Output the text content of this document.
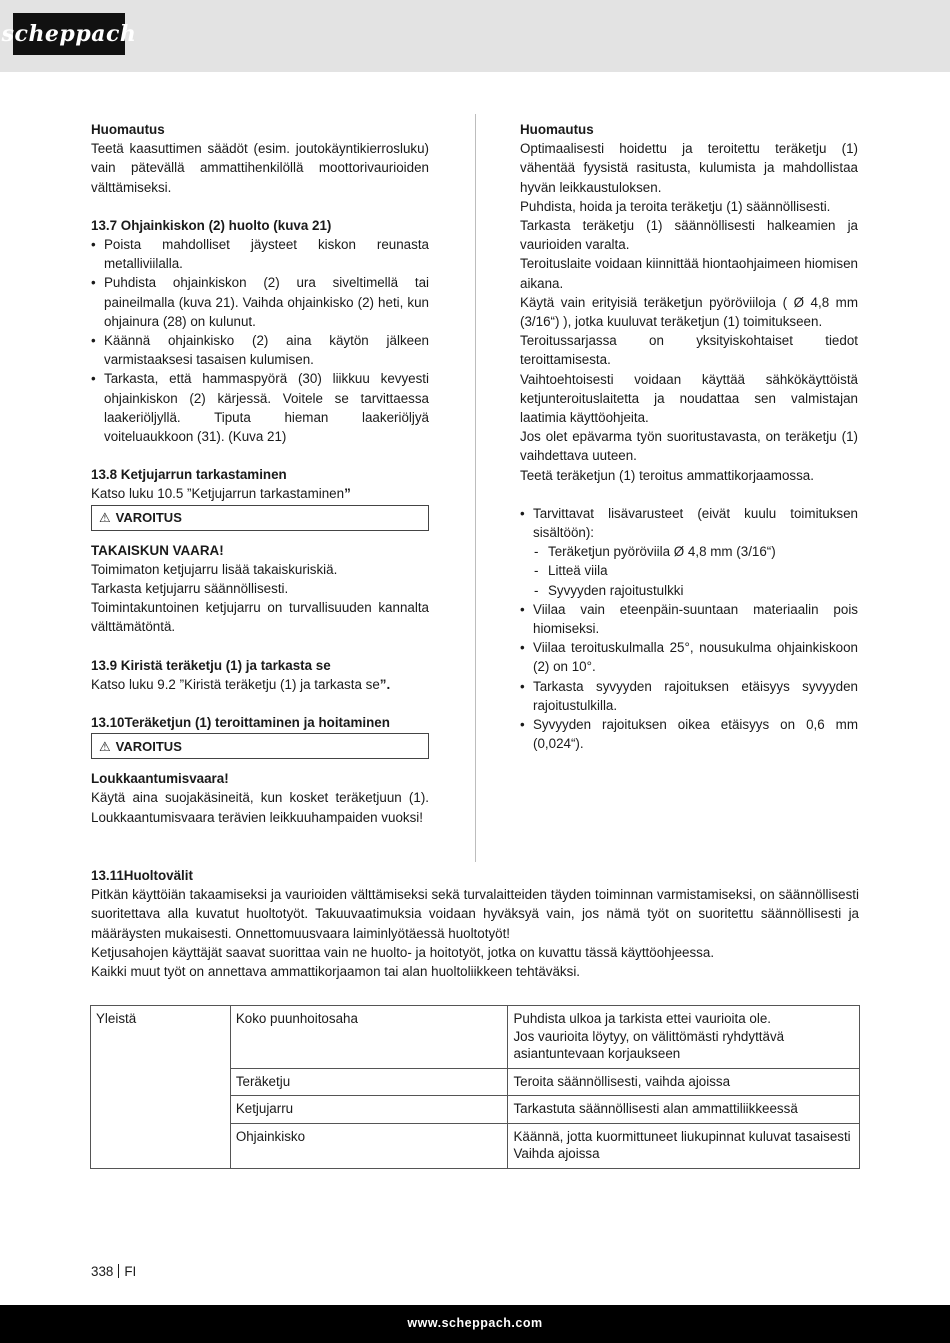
scheppach

Huomautus

Teetä kaasuttimen säädöt (esim. joutokäyntikierrosluku) vain pätevällä ammattihenkilöllä moottorivaurioiden välttämiseksi.

13.7 Ohjainkiskon (2) huolto (kuva 21)

• Poista mahdolliset jäysteet kiskon reunasta metalliviilalla.
• Puhdista ohjainkiskon (2) ura siveltimellä tai paineilmalla (kuva 21). Vaihda ohjainkisko (2) heti, kun ohjainura (28) on kulunut.
• Käännä ohjainkisko (2) aina käytön jälkeen varmistaaksesi tasaisen kulumisen.
• Tarkasta, että hammaspyörä (30) liikkuu kevyesti ohjainkiskon (2) kärjessä. Voitele se tarvittaessa laakeriöljyllä. Tiputa hieman laakeriöljyä voiteluaukkoon (31). (Kuva 21)

13.8 Ketjujarrun tarkastaminen

Katso luku 10.5 ”Ketjujarrun tarkastaminen”

⚠ VAROITUS

TAKAISKUN VAARA!

Toimimaton ketjujarru lisää takaiskuriskiä.

Tarkasta ketjujarru säännöllisesti.

Toimintakuntoinen ketjujarru on turvallisuuden kannalta välttämätöntä.

13.9 Kiristä teräketju (1) ja tarkasta se

Katso luku 9.2 ”Kiristä teräketju (1) ja tarkasta se”.

13.10Teräketjun (1) teroittaminen ja hoitaminen

⚠ VAROITUS

Loukkaantumisvaara!

Käytä aina suojakäsineitä, kun kosket teräketjuun (1). Loukkaantumisvaara terävien leikkuuhampaiden vuoksi!

Huomautus

Optimaalisesti hoidettu ja teroitettu teräketju (1) vähentää fyysistä rasitusta, kulumista ja mahdollistaa hyvän leikkaustuloksen.

Puhdista, hoida ja teroita teräketju (1) säännöllisesti.

Tarkasta teräketju (1) säännöllisesti halkeamien ja vaurioiden varalta.

Teroituslaite voidaan kiinnittää hiontaohjaimeen hiomisen aikana.

Käytä vain erityisiä teräketjun pyöröviiloja ( Ø 4,8 mm (3/16“) ), jotka kuuluvat teräketjun (1) toimitukseen.

Teroitussarjassa on yksityiskohtaiset tiedot teroittamisesta.

Vaihtoehtoisesti voidaan käyttää sähkökäyttöistä ketjunteroituslaitetta ja noudattaa sen valmistajan laatimia käyttöohjeita.

Jos olet epävarma työn suoritustavasta, on teräketju (1) vaihdettava uuteen.

Teetä teräketjun (1) teroitus ammattikorjaamossa.

• Tarvittavat lisävarusteet (eivät kuulu toimituksen sisältöön):
- Teräketjun pyöröviila Ø 4,8 mm (3/16“)
- Litteä viila
- Syvyyden rajoitustulkki
• Viilaa vain eteenpäin-suuntaan materiaalin pois hiomiseksi.
• Viilaa teroituskulmalla 25°, nousukulma ohjainkiskoon (2) on 10°.
• Tarkasta syvyyden rajoituksen etäisyys syvyyden rajoitustulkilla.
• Syvyyden rajoituksen oikea etäisyys on 0,6 mm (0,024“).

13.11Huoltovälit

Pitkän käyttöiän takaamiseksi ja vaurioiden välttämiseksi sekä turvalaitteiden täyden toiminnan varmistamiseksi, on säännöllisesti suoritettava alla kuvatut huoltotyöt. Takuuvaatimuksia voidaan hyväksyä vain, jos nämä työt on suoritettu säännöllisesti ja määräysten mukaisesti. Onnettomuusvaara laiminlyötäessä huoltotyöt!

Ketjusahojen käyttäjät saavat suorittaa vain ne huolto- ja hoitotyöt, jotka on kuvattu tässä käyttöohjeessa.

Kaikki muut työt on annettava ammattikorjaamon tai alan huoltoliikkeen tehtäväksi.

Yleistä	Koko puunhoitosaha	Puhdista ulkoa ja tarkista ettei vaurioita ole.
Jos vaurioita löytyy, on välittömästi ryhdyttävä asiantuntevaan korjaukseen

	Teräketju	Teroita säännöllisesti, vaihda ajoissa

	Ketjujarru	Tarkastuta säännöllisesti alan ammattiliikkeessä

	Ohjainkisko	Käännä, jotta kuormittuneet liukupinnat kuluvat tasaisesti
Vaihda ajoissa
338 FI
www.scheppach.com
